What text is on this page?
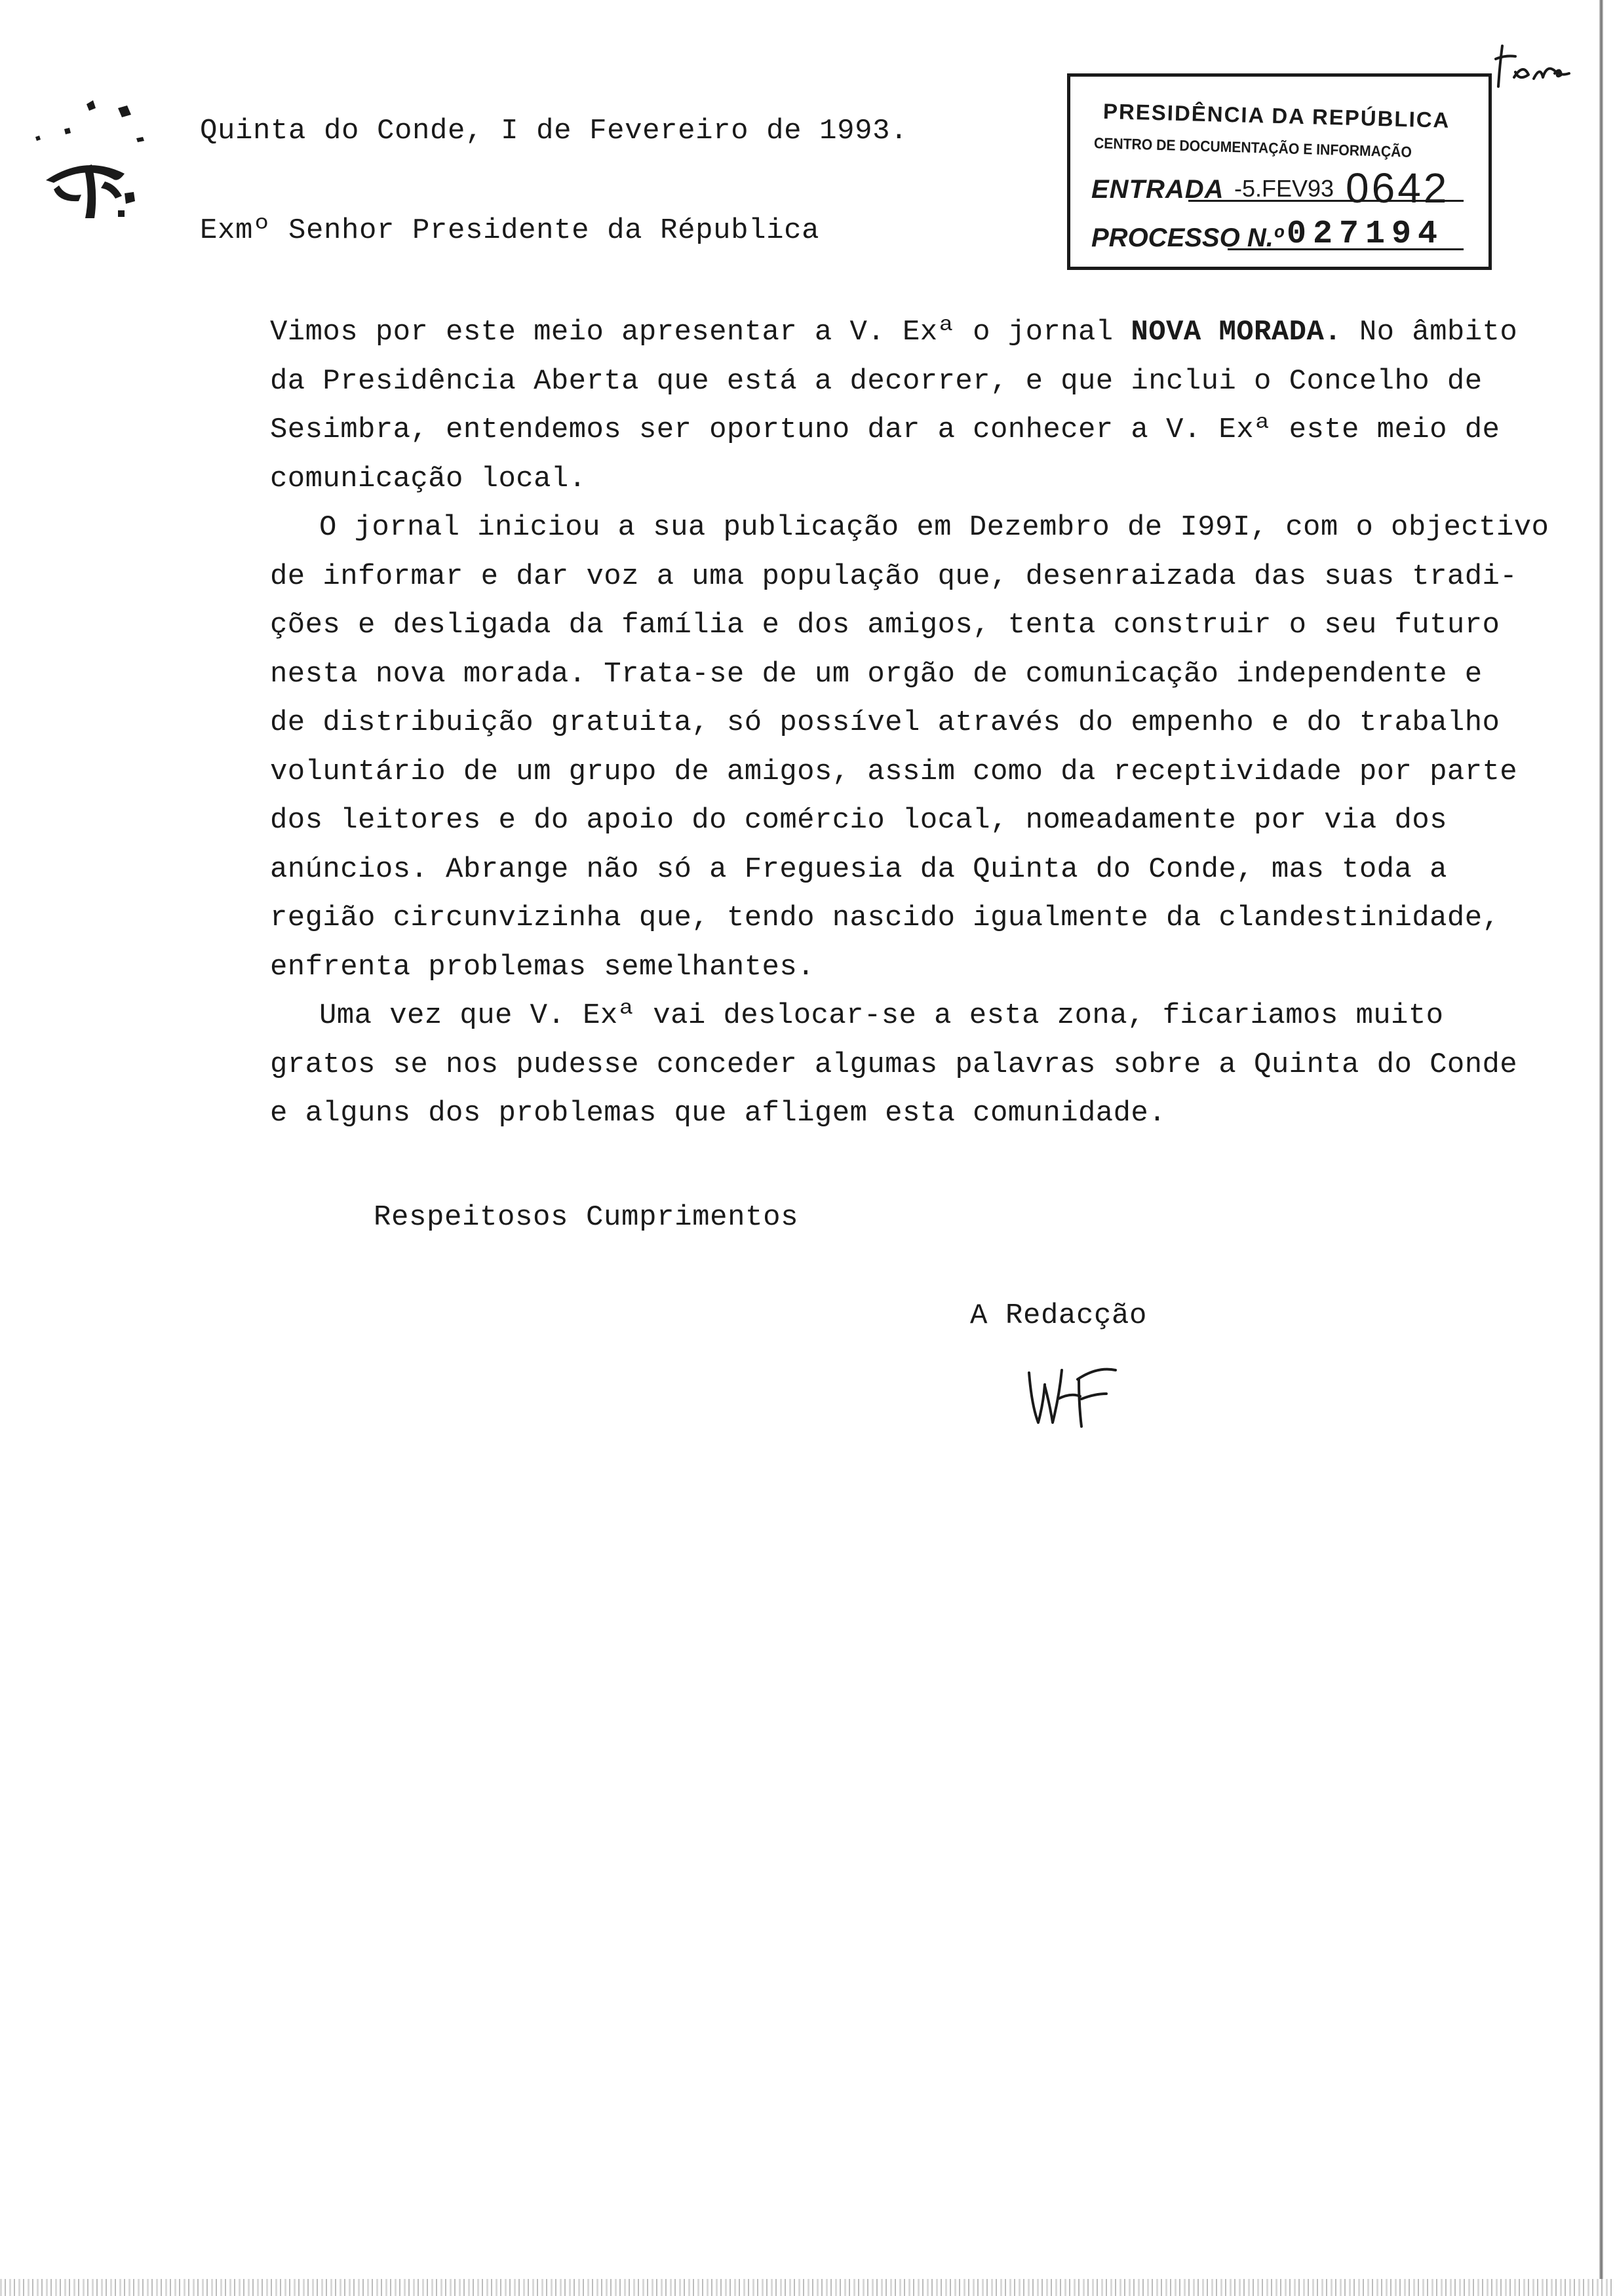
Quinta do Conde, I de Fevereiro de 1993.
Exmº Senhor Presidente da Républica
Vimos por este meio apresentar a V. Exª o jornal NOVA MORADA. No âmbito
da Presidência Aberta que está a decorrer, e que inclui o Concelho de
Sesimbra, entendemos ser oportuno dar a conhecer a V. Exª este meio de
comunicação local.
O jornal iniciou a sua publicação em Dezembro de I99I, com o objectivo
de informar e dar voz a uma população que, desenraizada das suas tradi-
ções e desligada da família e dos amigos, tenta construir o seu futuro
nesta nova morada. Trata-se de um orgão de comunicação independente e
de distribuição gratuita, só possível através do empenho e do trabalho
voluntário de um grupo de amigos, assim como da receptividade por parte
dos leitores e do apoio do comércio local, nomeadamente por via dos
anúncios. Abrange não só a Freguesia da Quinta do Conde, mas toda a
região circunvizinha que, tendo nascido igualmente da clandestinidade,
enfrenta problemas semelhantes.
Uma vez que V. Exª vai deslocar-se a esta zona, ficariamos muito
gratos se nos pudesse conceder algumas palavras sobre a Quinta do Conde
e alguns dos problemas que afligem esta comunidade.
Respeitosos Cumprimentos
A Redacção
PRESIDÊNCIA DA REPÚBLICA
CENTRO DE DOCUMENTAÇÃO E INFORMAÇÃO
ENTRADA -5.FEV93 0642
PROCESSO N.º 027194
